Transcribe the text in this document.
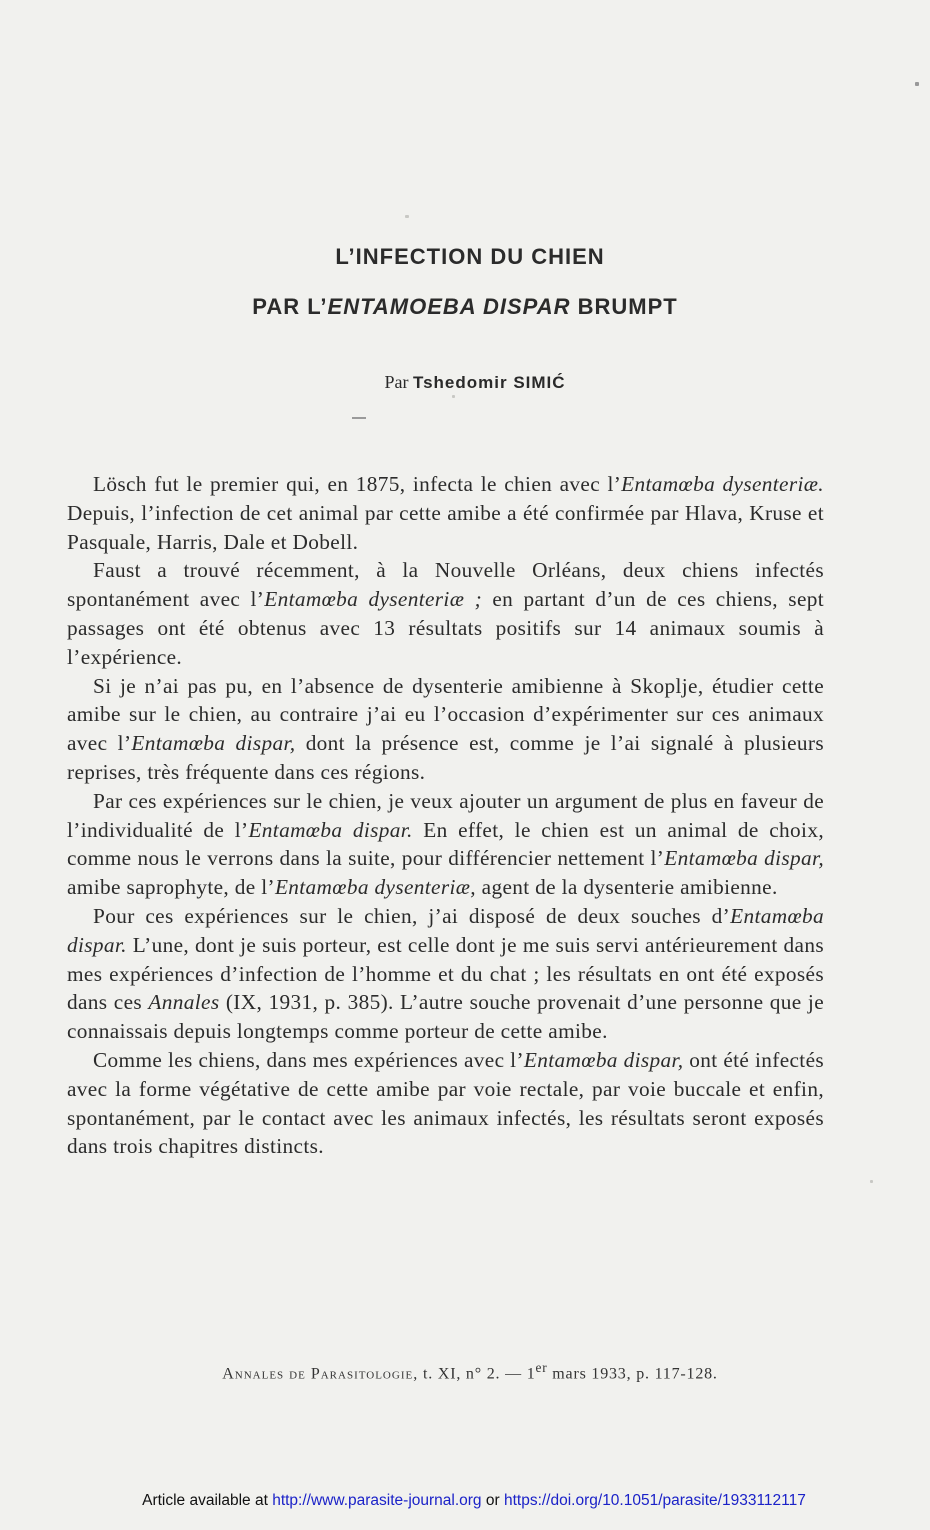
L’INFECTION DU CHIEN
PAR L’ENTAMOEBA DISPAR BRUMPT
Par Tshedomir SIMIĆ

Lösch fut le premier qui, en 1875, infecta le chien avec l’Entamœba dysenteriæ. Depuis, l’infection de cet animal par cette amibe a été confirmée par Hlava, Kruse et Pasquale, Harris, Dale et Dobell.

Faust a trouvé récemment, à la Nouvelle Orléans, deux chiens infectés spontanément avec l’Entamœba dysenteriæ ; en partant d’un de ces chiens, sept passages ont été obtenus avec 13 résultats positifs sur 14 animaux soumis à l’expérience.

Si je n’ai pas pu, en l’absence de dysenterie amibienne à Skoplje, étudier cette amibe sur le chien, au contraire j’ai eu l’occasion d’expérimenter sur ces animaux avec l’Entamœba dispar, dont la présence est, comme je l’ai signalé à plusieurs reprises, très fréquente dans ces régions.

Par ces expériences sur le chien, je veux ajouter un argument de plus en faveur de l’individualité de l’Entamœba dispar. En effet, le chien est un animal de choix, comme nous le verrons dans la suite, pour différencier nettement l’Entamœba dispar, amibe saprophyte, de l’Entamœba dysenteriæ, agent de la dysenterie amibienne.

Pour ces expériences sur le chien, j’ai disposé de deux souches d’Entamœba dispar. L’une, dont je suis porteur, est celle dont je me suis servi antérieurement dans mes expériences d’infection de l’homme et du chat ; les résultats en ont été exposés dans ces Annales (IX, 1931, p. 385). L’autre souche provenait d’une personne que je connaissais depuis longtemps comme porteur de cette amibe.

Comme les chiens, dans mes expériences avec l’Entamœba dispar, ont été infectés avec la forme végétative de cette amibe par voie rectale, par voie buccale et enfin, spontanément, par le contact avec les animaux infectés, les résultats seront exposés dans trois chapitres distincts.

Annales de Parasitologie, t. XI, n° 2. — 1er mars 1933, p. 117-128.
Article available at http://www.parasite-journal.org or https://doi.org/10.1051/parasite/1933112117
